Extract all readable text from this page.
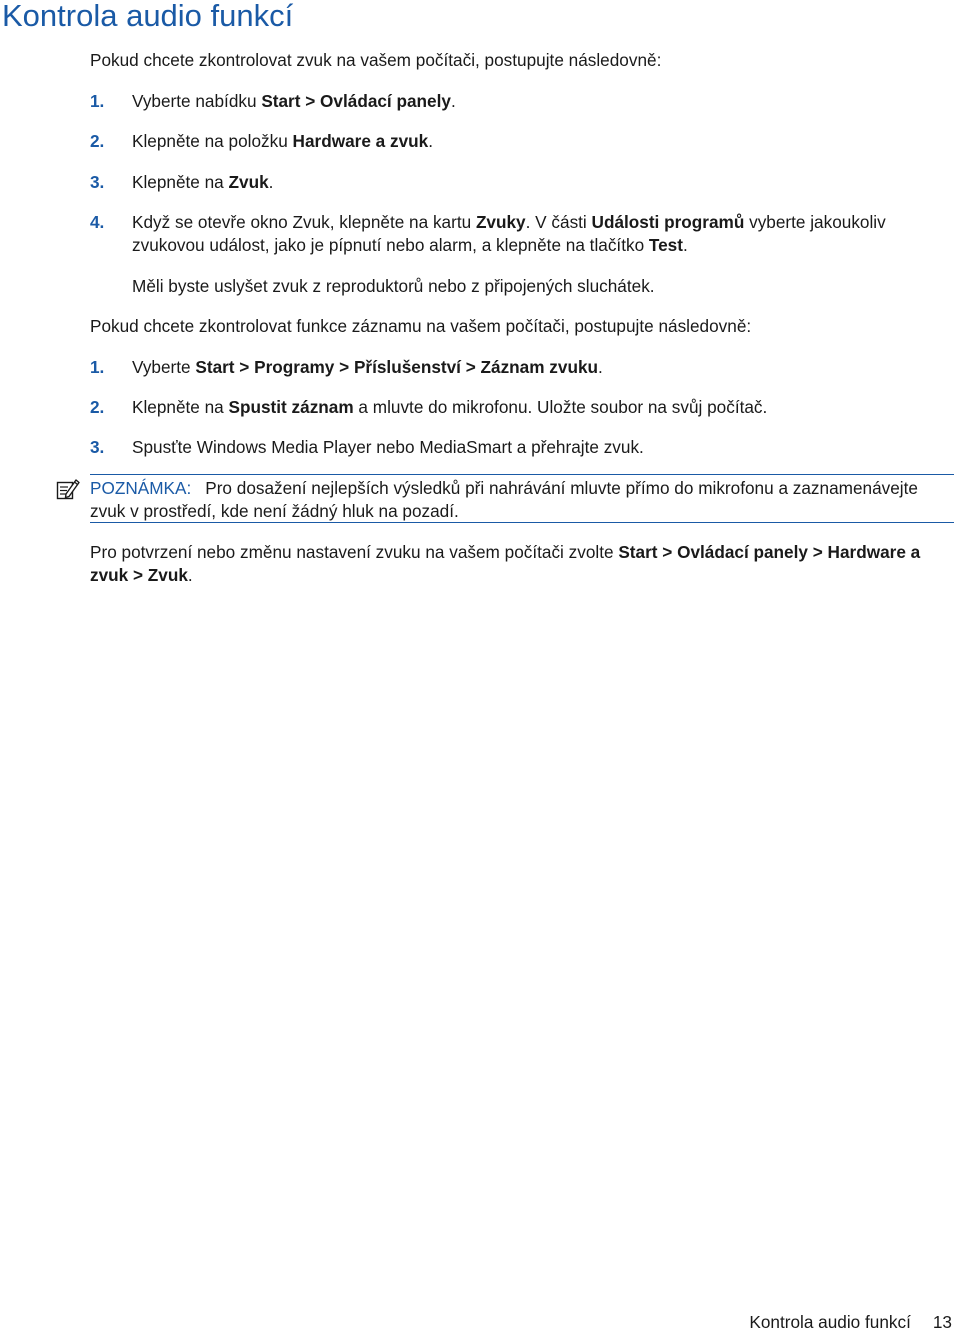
Kontrola audio funkcí

Pokud chcete zkontrolovat zvuk na vašem počítači, postupujte následovně:

1. Vyberte nabídku Start > Ovládací panely.
2. Klepněte na položku Hardware a zvuk.
3. Klepněte na Zvuk.
4. Když se otevře okno Zvuk, klepněte na kartu Zvuky. V části Události programů vyberte jakoukoliv zvukovou událost, jako je pípnutí nebo alarm, a klepněte na tlačítko Test.

Měli byste uslyšet zvuk z reproduktorů nebo z připojených sluchátek.

Pokud chcete zkontrolovat funkce záznamu na vašem počítači, postupujte následovně:

1. Vyberte Start > Programy > Příslušenství > Záznam zvuku.
2. Klepněte na Spustit záznam a mluvte do mikrofonu. Uložte soubor na svůj počítač.
3. Spusťte Windows Media Player nebo MediaSmart a přehrajte zvuk.
POZNÁMKA: Pro dosažení nejlepších výsledků při nahrávání mluvte přímo do mikrofonu a zaznamenávejte zvuk v prostředí, kde není žádný hluk na pozadí.

Pro potvrzení nebo změnu nastavení zvuku na vašem počítači zvolte Start > Ovládací panely > Hardware a zvuk > Zvuk.

Kontrola audio funkcí 13
